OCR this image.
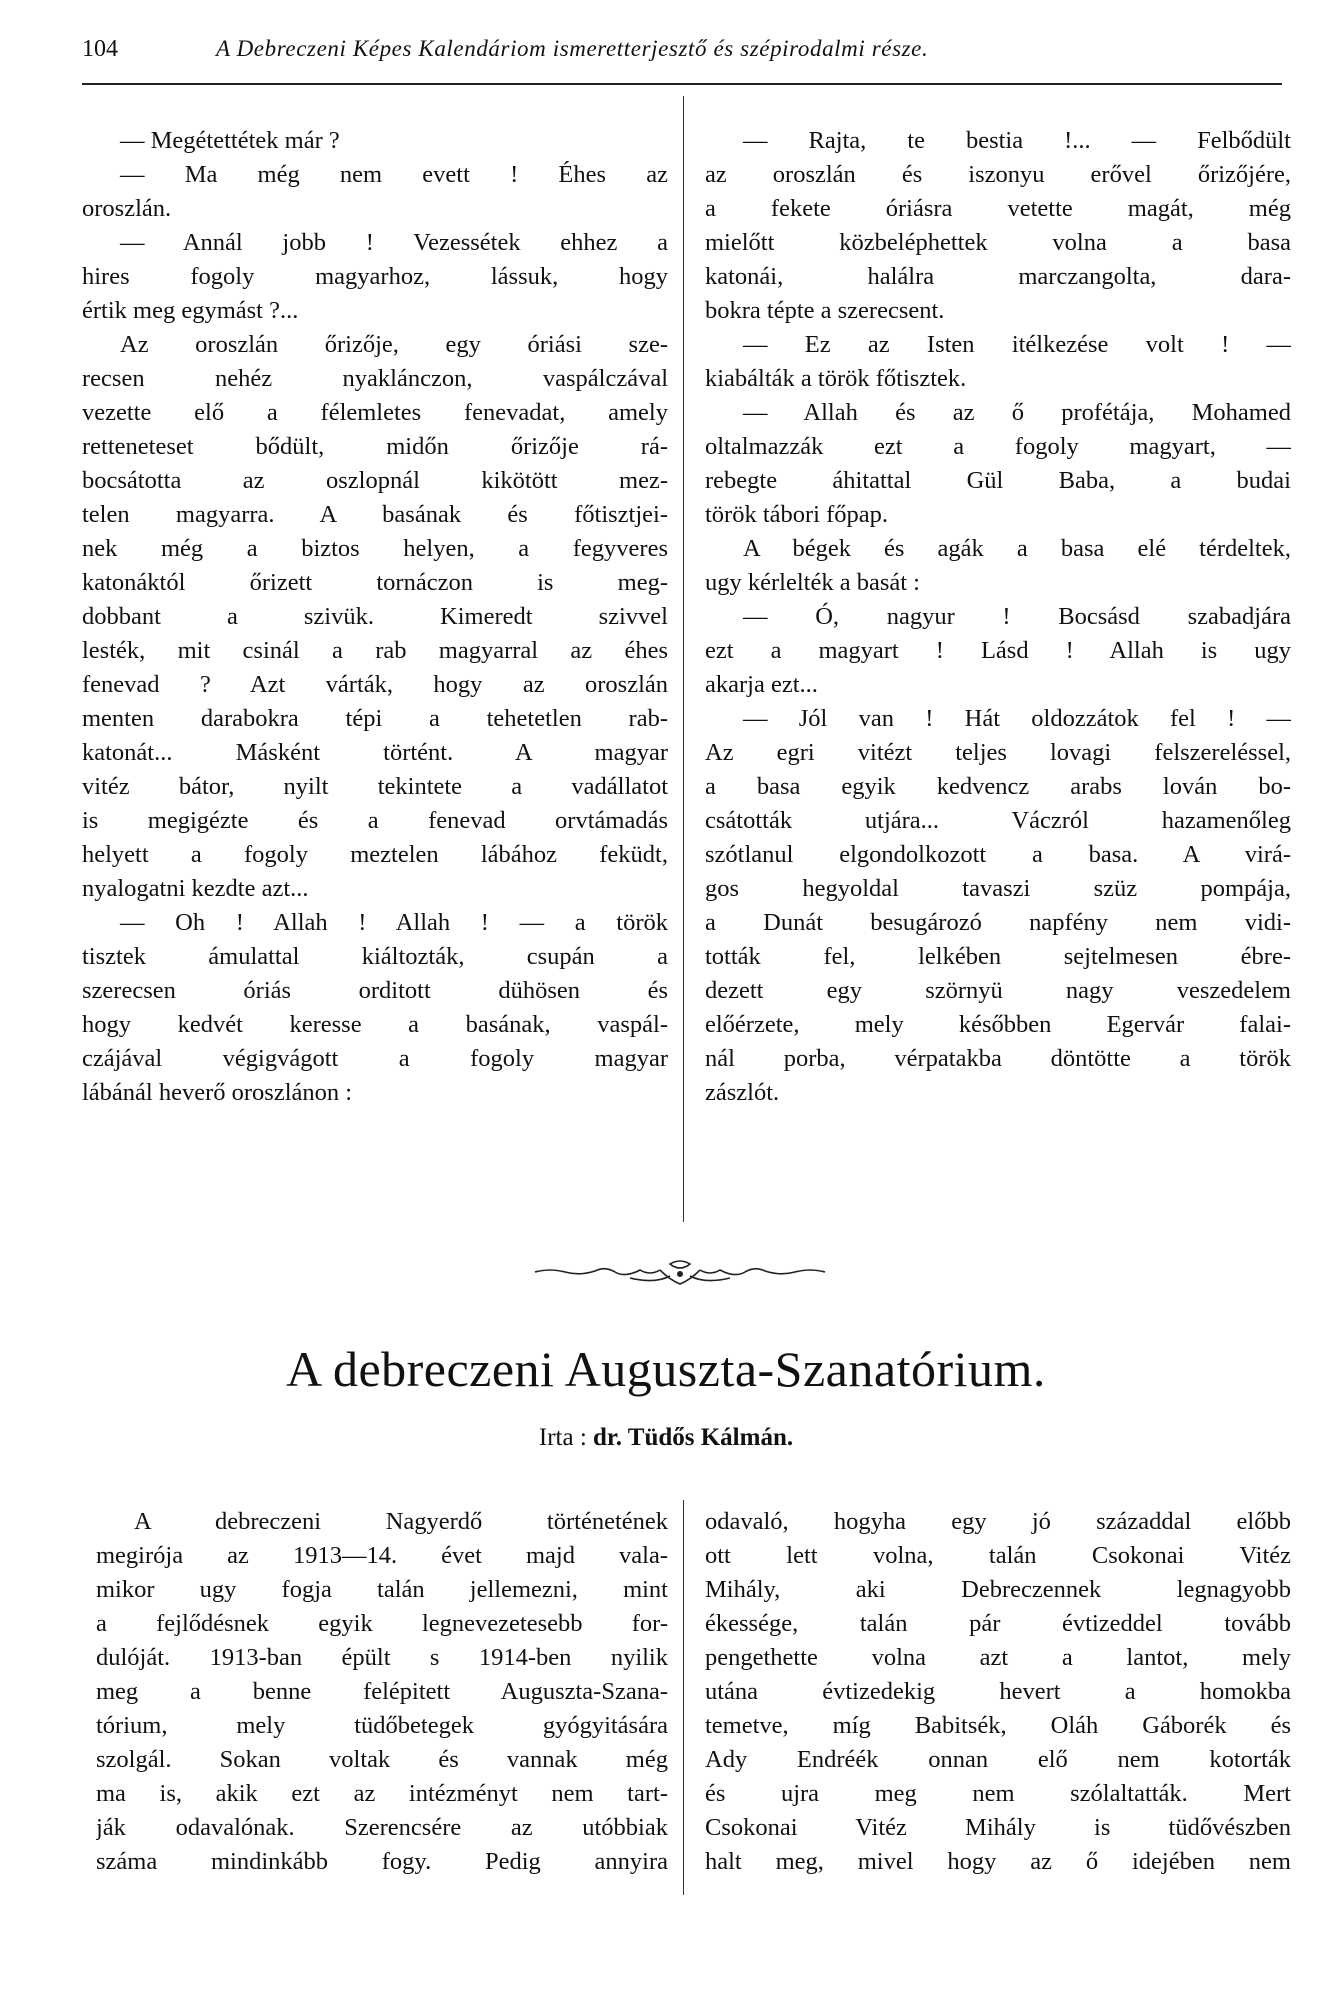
104	A Debreczeni Képes Kalendáriom ismeretterjesztő és szépirodalmi része.
— Megétettétek már ?
— Ma még nem evett ! Éhes az
oroszlán.
— Annál jobb ! Vezessétek ehhez a
hires fogoly magyarhoz, lássuk, hogy
értik meg egymást ?...
Az oroszlán őrizője, egy óriási sze-
recsen nehéz nyaklánczon, vaspálczával
vezette elő a félemletes fenevadat, amely
retteneteset bődült, midőn őrizője rá-
bocsátotta az oszlopnál kikötött mez-
telen magyarra. A basának és főtisztjei-
nek még a biztos helyen, a fegyveres
katonáktól őrizett tornáczon is meg-
dobbant a szivük. Kimeredt szivvel
lesték, mit csinál a rab magyarral az éhes
fenevad ? Azt várták, hogy az oroszlán
menten darabokra tépi a tehetetlen rab-
katonát... Másként történt. A magyar
vitéz bátor, nyilt tekintete a vadállatot
is megigézte és a fenevad orvtámadás
helyett a fogoly meztelen lábához feküdt,
nyalogatni kezdte azt...
— Oh ! Allah ! Allah ! — a török
tisztek ámulattal kiáltozták, csupán a
szerecsen óriás orditott dühösen és
hogy kedvét keresse a basának, vaspál-
czájával végigvágott a fogoly magyar
lábánál heverő oroszlánon :
— Rajta, te bestia !... — Felbődült
az oroszlán és iszonyu erővel őrizőjére,
a fekete óriásra vetette magát, még
mielőtt közbeléphettek volna a basa
katonái, halálra marczangolta, dara-
bokra tépte a szerecsent.
— Ez az Isten itélkezése volt ! —
kiabálták a török főtisztek.
— Allah és az ő profétája, Mohamed
oltalmazzák ezt a fogoly magyart, —
rebegte áhitattal Gül Baba, a budai
török tábori főpap.
A bégek és agák a basa elé térdeltek,
ugy kérlelték a basát :
— Ó, nagyur ! Bocsásd szabadjára
ezt a magyart ! Lásd ! Allah is ugy
akarja ezt...
— Jól van ! Hát oldozzátok fel ! —
Az egri vitézt teljes lovagi felszereléssel,
a basa egyik kedvencz arabs lován bo-
csátották utjára... Váczról hazamenőleg
szótlanul elgondolkozott a basa. A virá-
gos hegyoldal tavaszi szüz pompája,
a Dunát besugározó napfény nem vidi-
tották fel, lelkében sejtelmesen ébre-
dezett egy szörnyü nagy veszedelem
előérzete, mely későbben Egervár falai-
nál porba, vérpatakba döntötte a török
zászlót.
A debreczeni Auguszta-Szanatórium.
Irta : dr. Tüdős Kálmán.
A debreczeni Nagyerdő történetének
megirója az 1913—14. évet majd vala-
mikor ugy fogja talán jellemezni, mint
a fejlődésnek egyik legnevezetesebb for-
dulóját. 1913-ban épült s 1914-ben nyilik
meg a benne felépitett Auguszta-Szana-
tórium, mely tüdőbetegek gyógyitására
szolgál. Sokan voltak és vannak még
ma is, akik ezt az intézményt nem tart-
ják odavalónak. Szerencsére az utóbbiak
száma mindinkább fogy. Pedig annyira
odavaló, hogyha egy jó századdal előbb
ott lett volna, talán Csokonai Vitéz
Mihály, aki Debreczennek legnagyobb
ékessége, talán pár évtizeddel tovább
pengethette volna azt a lantot, mely
utána évtizedekig hevert a homokba
temetve, míg Babitsék, Oláh Gáborék és
Ady Endréék onnan elő nem kotorták
és ujra meg nem szólaltatták. Mert
Csokonai Vitéz Mihály is tüdővészben
halt meg, mivel hogy az ő idejében nem
